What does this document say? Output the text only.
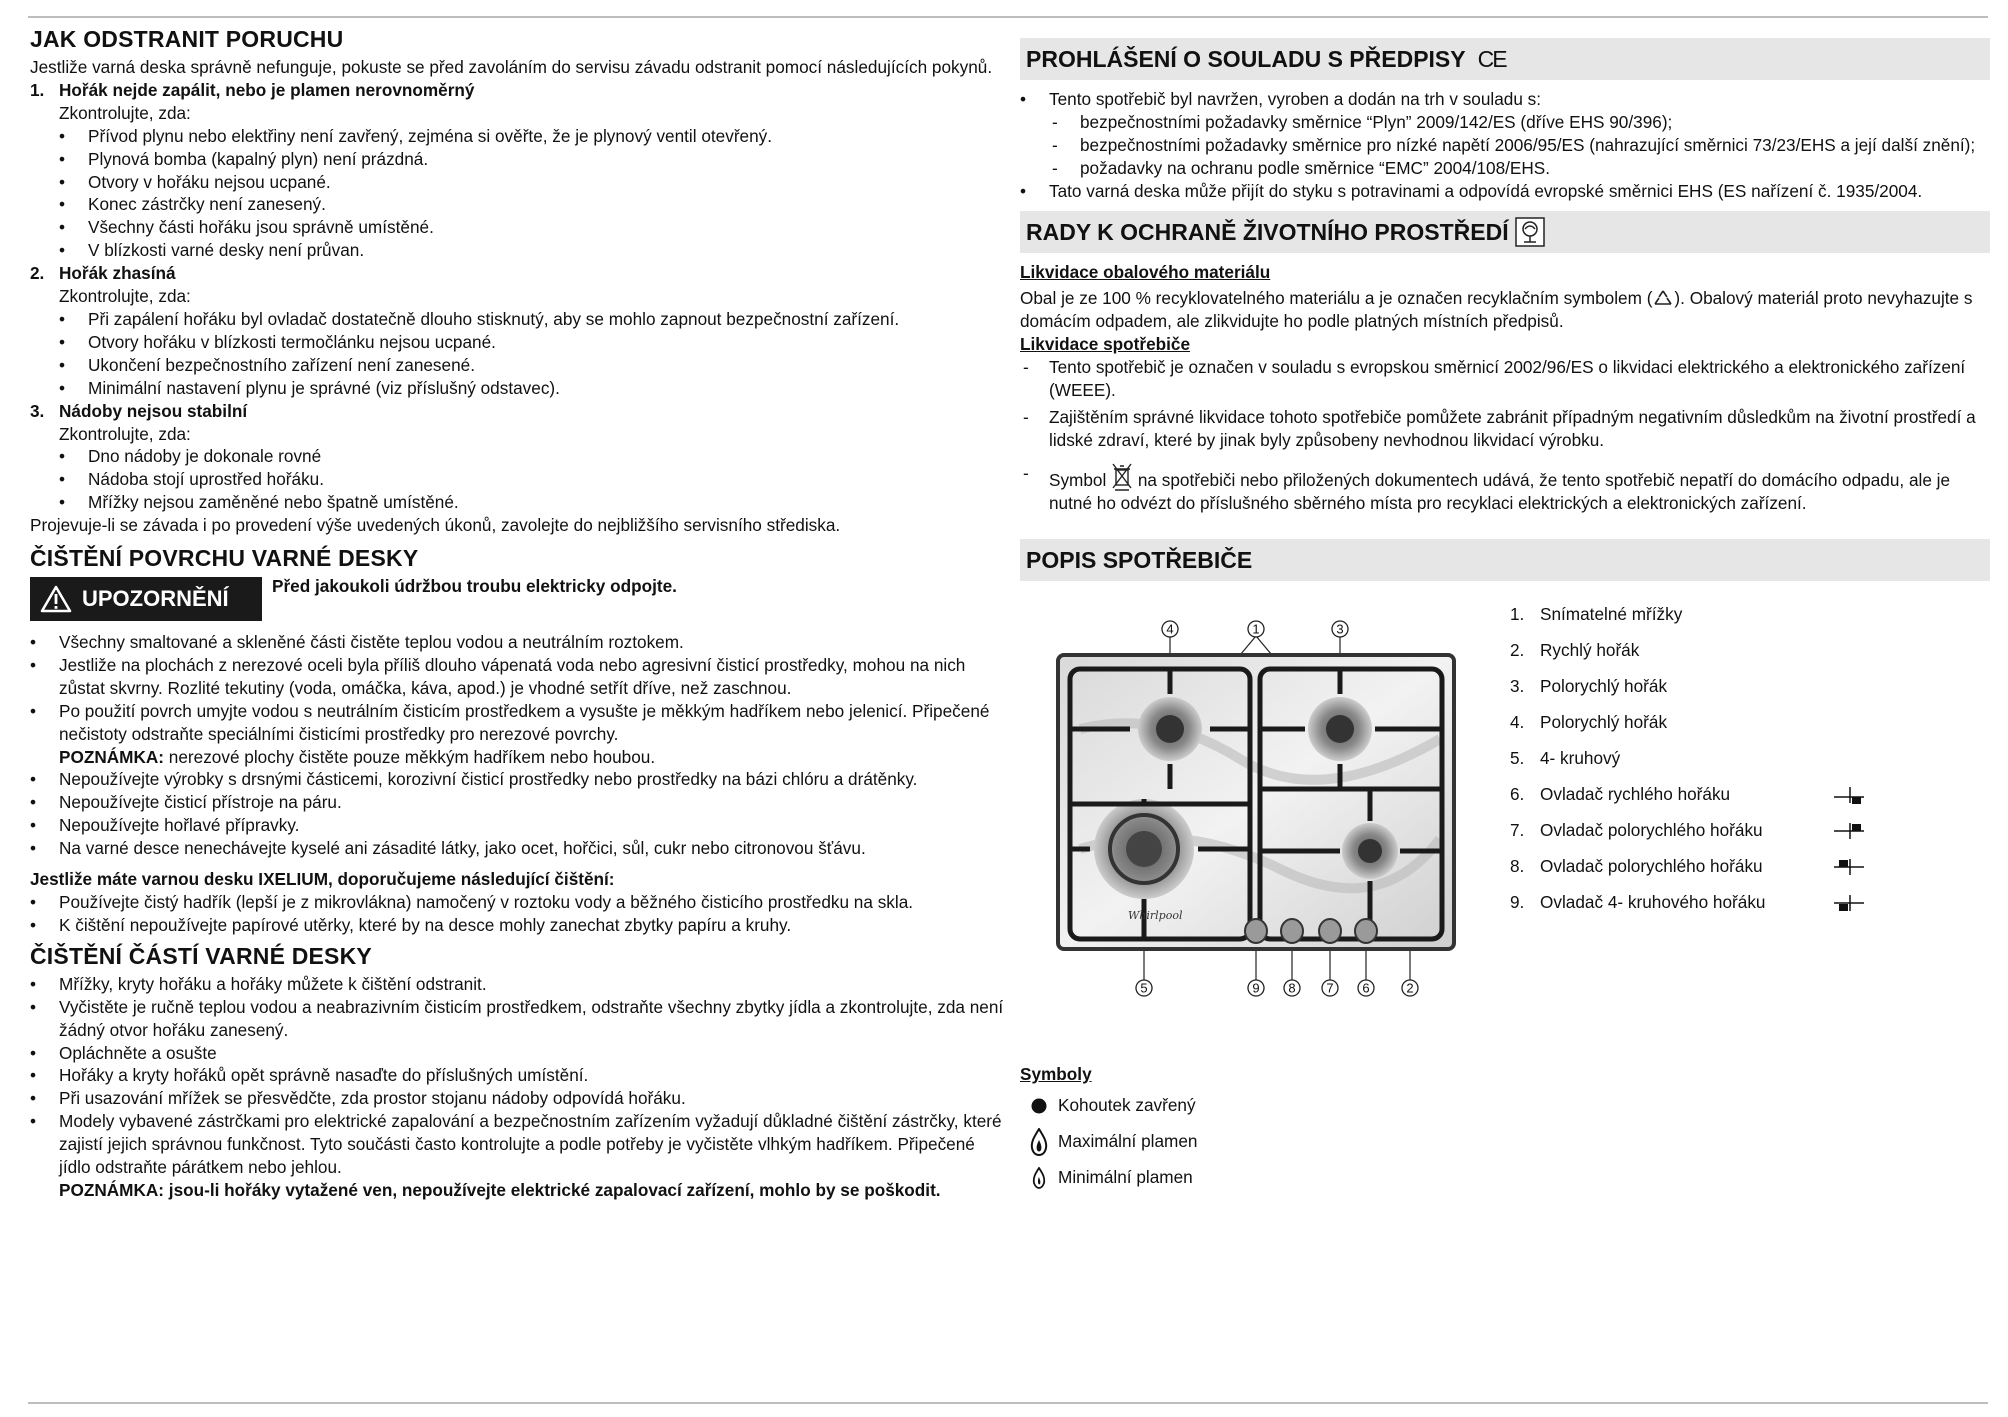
JAK ODSTRANIT PORUCHU

Jestliže varná deska správně nefunguje, pokuste se před zavoláním do servisu závadu odstranit pomocí následujících pokynů.

1. Hořák nejde zapálit, nebo je plamen nerovnoměrný
Zkontrolujte, zda:
• Přívod plynu nebo elektřiny není zavřený, zejména si ověřte, že je plynový ventil otevřený.
• Plynová bomba (kapalný plyn) není prázdná.
• Otvory v hořáku nejsou ucpané.
• Konec zástrčky není zanesený.
• Všechny části hořáku jsou správně umístěné.
• V blízkosti varné desky není průvan.
2. Hořák zhasíná
Zkontrolujte, zda:
• Při zapálení hořáku byl ovladač dostatečně dlouho stisknutý, aby se mohlo zapnout bezpečnostní zařízení.
• Otvory hořáku v blízkosti termočlánku nejsou ucpané.
• Ukončení bezpečnostního zařízení není zanesené.
• Minimální nastavení plynu je správné (viz příslušný odstavec).
3. Nádoby nejsou stabilní
Zkontrolujte, zda:
• Dno nádoby je dokonale rovné
• Nádoba stojí uprostřed hořáku.
• Mřížky nejsou zaměněné nebo špatně umístěné.

Projevuje-li se závada i po provedení výše uvedených úkonů, zavolejte do nejbližšího servisního střediska.

ČIŠTĚNÍ POVRCHU VARNÉ DESKY
UPOZORNĚNÍ	Před jakoukoli údržbou troubu elektricky odpojte.
• Všechny smaltované a skleněné části čistěte teplou vodou a neutrálním roztokem.
• Jestliže na plochách z nerezové oceli byla příliš dlouho vápenatá voda nebo agresivní čisticí prostředky, mohou na nich zůstat skvrny. Rozlité tekutiny (voda, omáčka, káva, apod.) je vhodné setřít dříve, než zaschnou.
• Po použití povrch umyjte vodou s neutrálním čisticím prostředkem a vysušte je měkkým hadříkem nebo jelenicí. Připečené nečistoty odstraňte speciálními čisticími prostředky pro nerezové povrchy.
POZNÁMKA: nerezové plochy čistěte pouze měkkým hadříkem nebo houbou.
• Nepoužívejte výrobky s drsnými částicemi, korozivní čisticí prostředky nebo prostředky na bázi chlóru a drátěnky.
• Nepoužívejte čisticí přístroje na páru.
• Nepoužívejte hořlavé přípravky.
• Na varné desce nenechávejte kyselé ani zásadité látky, jako ocet, hořčici, sůl, cukr nebo citronovou šťávu.
Jestliže máte varnou desku IXELIUM, doporučujeme následující čištění:
• Používejte čistý hadřík (lepší je z mikrovlákna) namočený v roztoku vody a běžného čisticího prostředku na skla.
• K čištění nepoužívejte papírové utěrky, které by na desce mohly zanechat zbytky papíru a kruhy.
ČIŠTĚNÍ ČÁSTÍ VARNÉ DESKY
• Mřížky, kryty hořáku a hořáky můžete k čištění odstranit.
• Vyčistěte je ručně teplou vodou a neabrazivním čisticím prostředkem, odstraňte všechny zbytky jídla a zkontrolujte, zda není žádný otvor hořáku zanesený.
• Opláchněte a osušte
• Hořáky a kryty hořáků opět správně nasaďte do příslušných umístění.
• Při usazování mřížek se přesvědčte, zda prostor stojanu nádoby odpovídá hořáku.
• Modely vybavené zástrčkami pro elektrické zapalování a bezpečnostním zařízením vyžadují důkladné čištění zástrčky, které zajistí jejich správnou funkčnost. Tyto součásti často kontrolujte a podle potřeby je vyčistěte vlhkým hadříkem. Připečené jídlo odstraňte párátkem nebo jehlou.
POZNÁMKA: jsou-li hořáky vytažené ven, nepoužívejte elektrické zapalovací zařízení, mohlo by se poškodit.
PROHLÁŠENÍ O SOULADU S PŘEDPISY CE
• Tento spotřebič byl navržen, vyroben a dodán na trh v souladu s:
- bezpečnostními požadavky směrnice “Plyn” 2009/142/ES (dříve EHS 90/396);
- bezpečnostními požadavky směrnice pro nízké napětí 2006/95/ES (nahrazující směrnici 73/23/EHS a její další znění);
- požadavky na ochranu podle směrnice “EMC” 2004/108/EHS.
• Tato varná deska může přijít do styku s potravinami a odpovídá evropské směrnici EHS (ES nařízení č. 1935/2004.
RADY K OCHRANĚ ŽIVOTNÍHO PROSTŘEDÍ
Likvidace obalového materiálu

Obal je ze 100 % recyklovatelného materiálu a je označen recyklačním symbolem ( ). Obalový materiál proto nevyhazujte s domácím odpadem, ale zlikvidujte ho podle platných místních předpisů.

Likvidace spotřebiče
- Tento spotřebič je označen v souladu s evropskou směrnicí 2002/96/ES o likvidaci elektrického a elektronického zařízení (WEEE).
- Zajištěním správné likvidace tohoto spotřebiče pomůžete zabránit případným negativním důsledkům na životní prostředí a lidské zdraví, které by jinak byly způsobeny nevhodnou likvidací výrobku.
- Symbol  na spotřebiči nebo přiložených dokumentech udává, že tento spotřebič nepatří do domácího odpadu, ale je nutné ho odvézt do příslušného sběrného místa pro recyklaci elektrických a elektronických zařízení.
POPIS SPOTŘEBIČE
Whirlpool
4	1	3
5	9 8 7 6	2
1. Snímatelné mřížky
2. Rychlý hořák
3. Polorychlý hořák
4. Polorychlý hořák
5. 4- kruhový
6. Ovladač rychlého hořáku
7. Ovladač polorychlého hořáku
8. Ovladač polorychlého hořáku
9. Ovladač 4- kruhového hořáku
Symboly
Kohoutek zavřený
Maximální plamen
Minimální plamen
